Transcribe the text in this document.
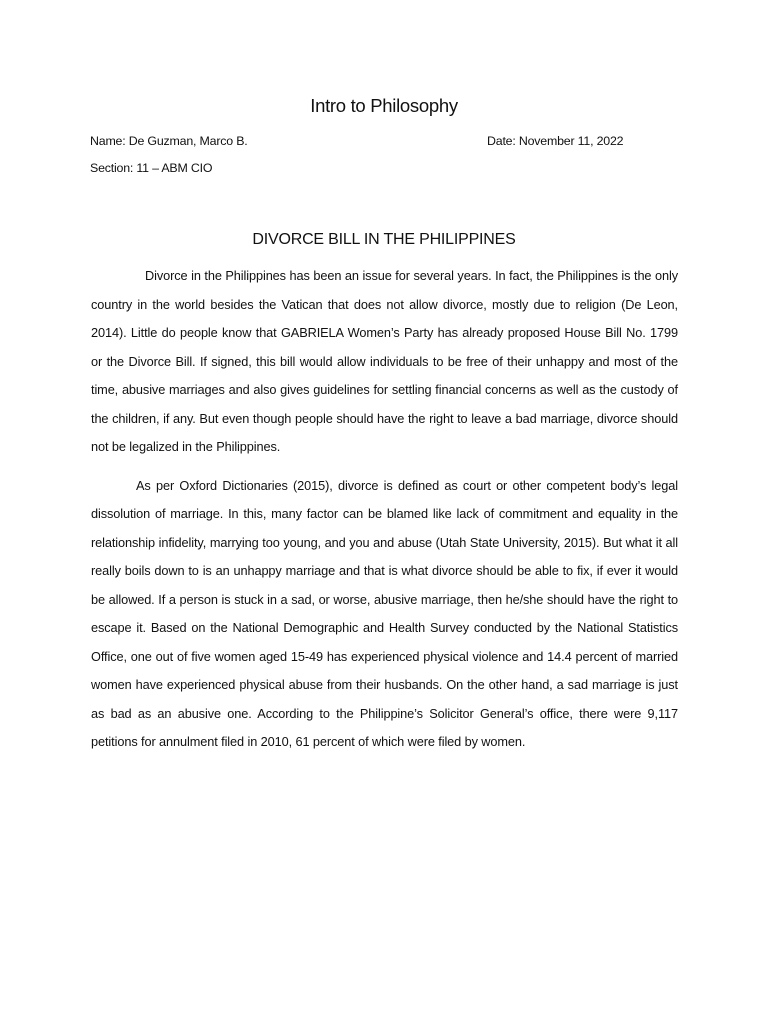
Intro to Philosophy
Name: De Guzman, Marco B.	Date: November 11, 2022
Section: 11 – ABM CIO
DIVORCE BILL IN THE PHILIPPINES

Divorce in the Philippines has been an issue for several years. In fact, the Philippines is the only country in the world besides the Vatican that does not allow divorce, mostly due to religion (De Leon, 2014). Little do people know that GABRIELA Women’s Party has already proposed House Bill No. 1799 or the Divorce Bill. If signed, this bill would allow individuals to be free of their unhappy and most of the time, abusive marriages and also gives guidelines for settling financial concerns as well as the custody of the children, if any. But even though people should have the right to leave a bad marriage, divorce should not be legalized in the Philippines.

As per Oxford Dictionaries (2015), divorce is defined as court or other competent body’s legal dissolution of marriage. In this, many factor can be blamed like lack of commitment and equality in the relationship infidelity, marrying too young, and you and abuse (Utah State University, 2015). But what it all really boils down to is an unhappy marriage and that is what divorce should be able to fix, if ever it would be allowed. If a person is stuck in a sad, or worse, abusive marriage, then he/she should have the right to escape it. Based on the National Demographic and Health Survey conducted by the National Statistics Office, one out of five women aged 15-49 has experienced physical violence and 14.4 percent of married women have experienced physical abuse from their husbands. On the other hand, a sad marriage is just as bad as an abusive one. According to the Philippine’s Solicitor General’s office, there were 9,117 petitions for annulment filed in 2010, 61 percent of which were filed by women.
